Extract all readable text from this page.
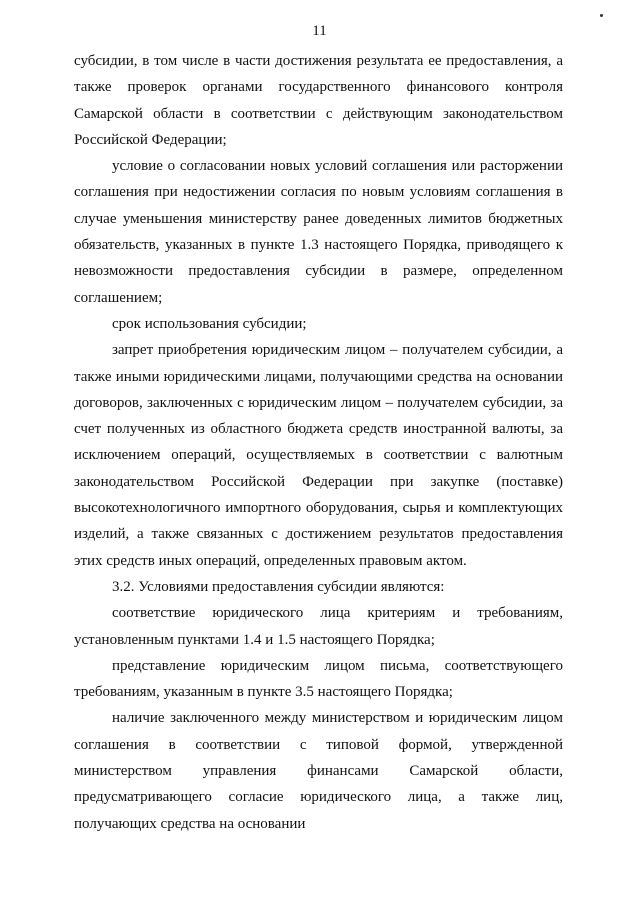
11

субсидии, в том числе в части достижения результата ее предоставления, а также проверок органами государственного финансового контроля Самарской области в соответствии с действующим законодательством Российской Федерации;

условие о согласовании новых условий соглашения или расторжении соглашения при недостижении согласия по новым условиям соглашения в случае уменьшения министерству ранее доведенных лимитов бюджетных обязательств, указанных в пункте 1.3 настоящего Порядка, приводящего к невозможности предоставления субсидии в размере, определенном соглашением;

срок использования субсидии;

запрет приобретения юридическим лицом – получателем субсидии, а также иными юридическими лицами, получающими средства на основании договоров, заключенных с юридическим лицом – получателем субсидии, за счет полученных из областного бюджета средств иностранной валюты, за исключением операций, осуществляемых в соответствии с валютным законодательством Российской Федерации при закупке (поставке) высокотехнологичного импортного оборудования, сырья и комплектующих изделий, а также связанных с достижением результатов предоставления этих средств иных операций, определенных правовым актом.

3.2. Условиями предоставления субсидии являются:

соответствие юридического лица критериям и требованиям, установленным пунктами 1.4 и 1.5 настоящего Порядка;

представление юридическим лицом письма, соответствующего требованиям, указанным в пункте 3.5 настоящего Порядка;

наличие заключенного между министерством и юридическим лицом соглашения в соответствии с типовой формой, утвержденной министерством управления финансами Самарской области, предусматривающего согласие юридического лица, а также лиц, получающих средства на основании
